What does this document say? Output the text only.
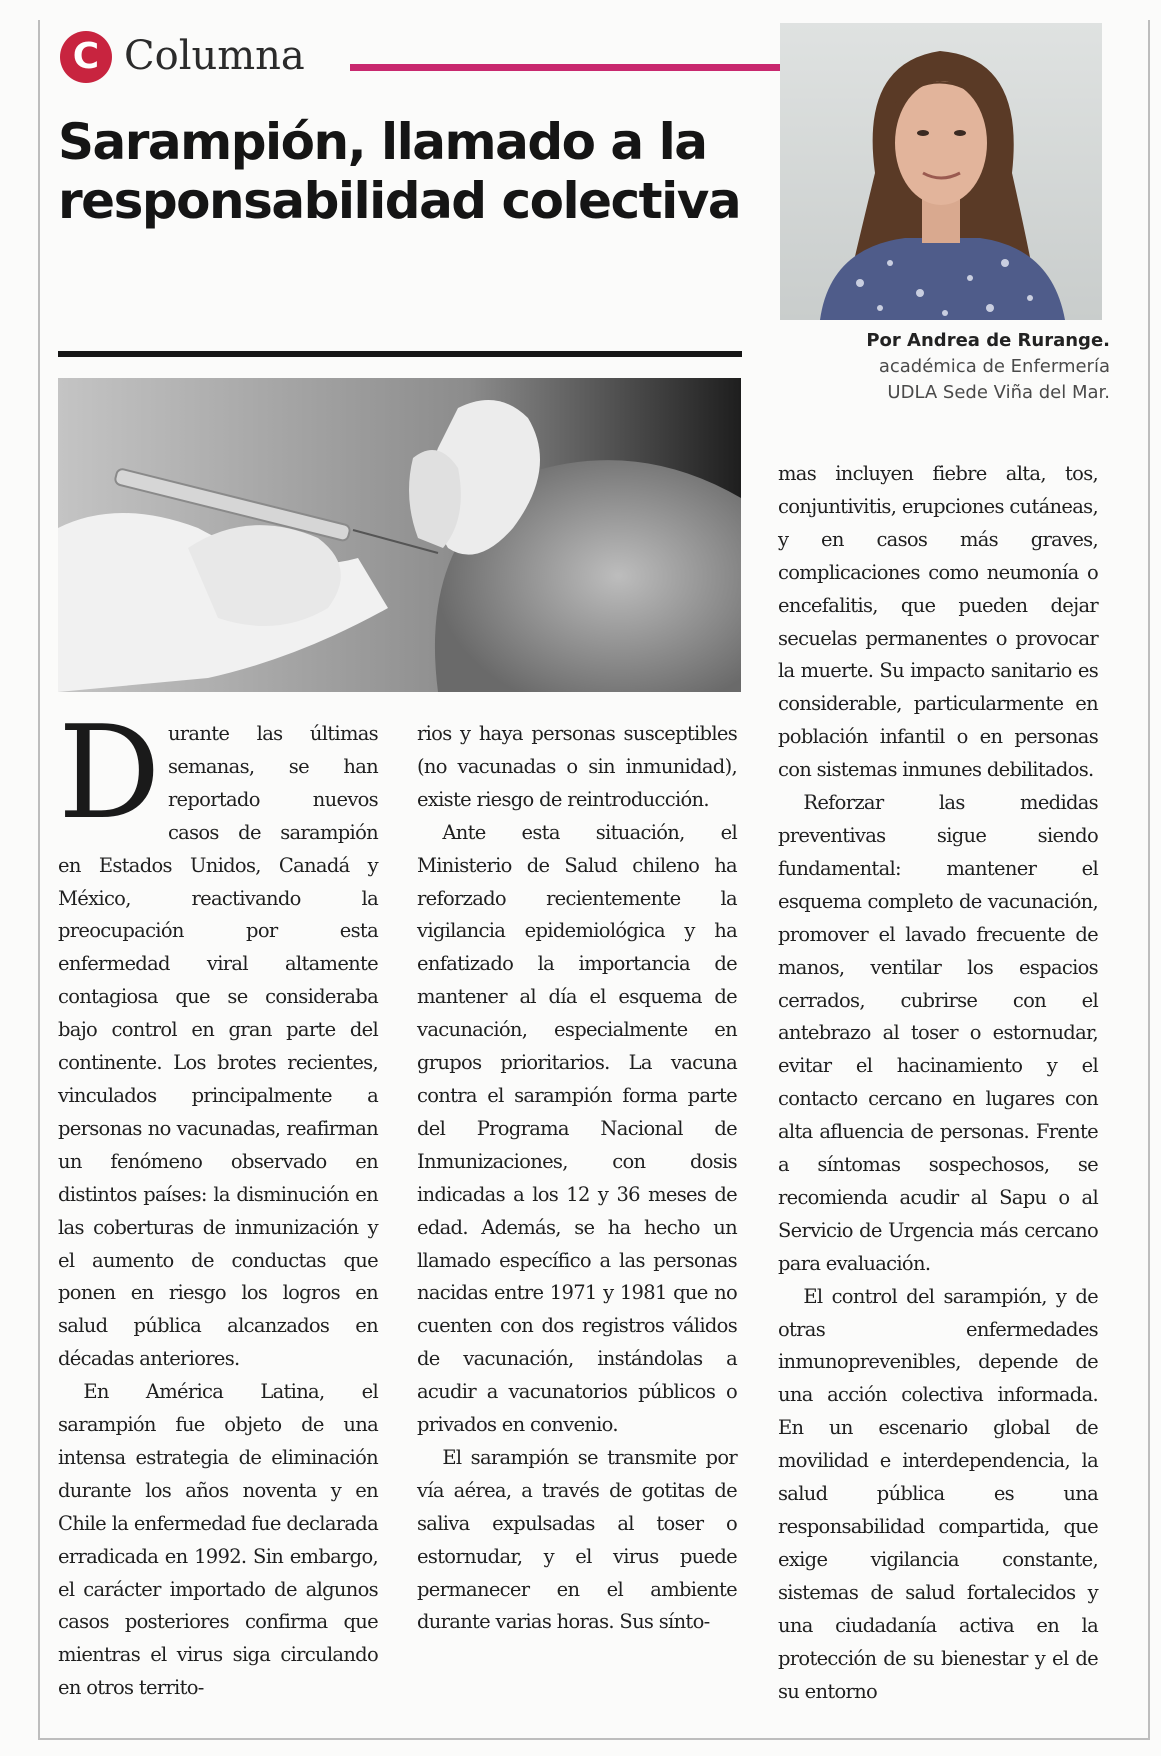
C Columna
Sarampión, llamado a la responsabilidad colectiva
Por Andrea de Rurange.
académica de Enfermería
UDLA Sede Viña del Mar.

Durante las últimas semanas, se han reportado nuevos casos de sarampión en Estados Unidos, Canadá y México, reactivando la preocupación por esta enfermedad viral altamente contagiosa que se consideraba bajo control en gran parte del continente. Los brotes recientes, vinculados principalmente a personas no vacunadas, reafirman un fenómeno observado en distintos países: la disminución en las coberturas de inmunización y el aumento de conductas que ponen en riesgo los logros en salud pública alcanzados en décadas anteriores.

En América Latina, el sarampión fue objeto de una intensa estrategia de eliminación durante los años noventa y en Chile la enfermedad fue declarada erradicada en 1992. Sin embargo, el carácter importado de algunos casos posteriores confirma que mientras el virus siga circulando en otros territo-

rios y haya personas susceptibles (no vacunadas o sin inmunidad), existe riesgo de reintroducción.

Ante esta situación, el Ministerio de Salud chileno ha reforzado recientemente la vigilancia epidemiológica y ha enfatizado la importancia de mantener al día el esquema de vacunación, especialmente en grupos prioritarios. La vacuna contra el sarampión forma parte del Programa Nacional de Inmunizaciones, con dosis indicadas a los 12 y 36 meses de edad. Además, se ha hecho un llamado específico a las personas nacidas entre 1971 y 1981 que no cuenten con dos registros válidos de vacunación, instándolas a acudir a vacunatorios públicos o privados en convenio.

El sarampión se transmite por vía aérea, a través de gotitas de saliva expulsadas al toser o estornudar, y el virus puede permanecer en el ambiente durante varias horas. Sus sínto-

mas incluyen fiebre alta, tos, conjuntivitis, erupciones cutáneas, y en casos más graves, complicaciones como neumonía o encefalitis, que pueden dejar secuelas permanentes o provocar la muerte. Su impacto sanitario es considerable, particularmente en población infantil o en personas con sistemas inmunes debilitados.

Reforzar las medidas preventivas sigue siendo fundamental: mantener el esquema completo de vacunación, promover el lavado frecuente de manos, ventilar los espacios cerrados, cubrirse con el antebrazo al toser o estornudar, evitar el hacinamiento y el contacto cercano en lugares con alta afluencia de personas. Frente a síntomas sospechosos, se recomienda acudir al Sapu o al Servicio de Urgencia más cercano para evaluación.

El control del sarampión, y de otras enfermedades inmunoprevenibles, depende de una acción colectiva informada. En un escenario global de movilidad e interdependencia, la salud pública es una responsabilidad compartida, que exige vigilancia constante, sistemas de salud fortalecidos y una ciudadanía activa en la protección de su bienestar y el de su entorno
